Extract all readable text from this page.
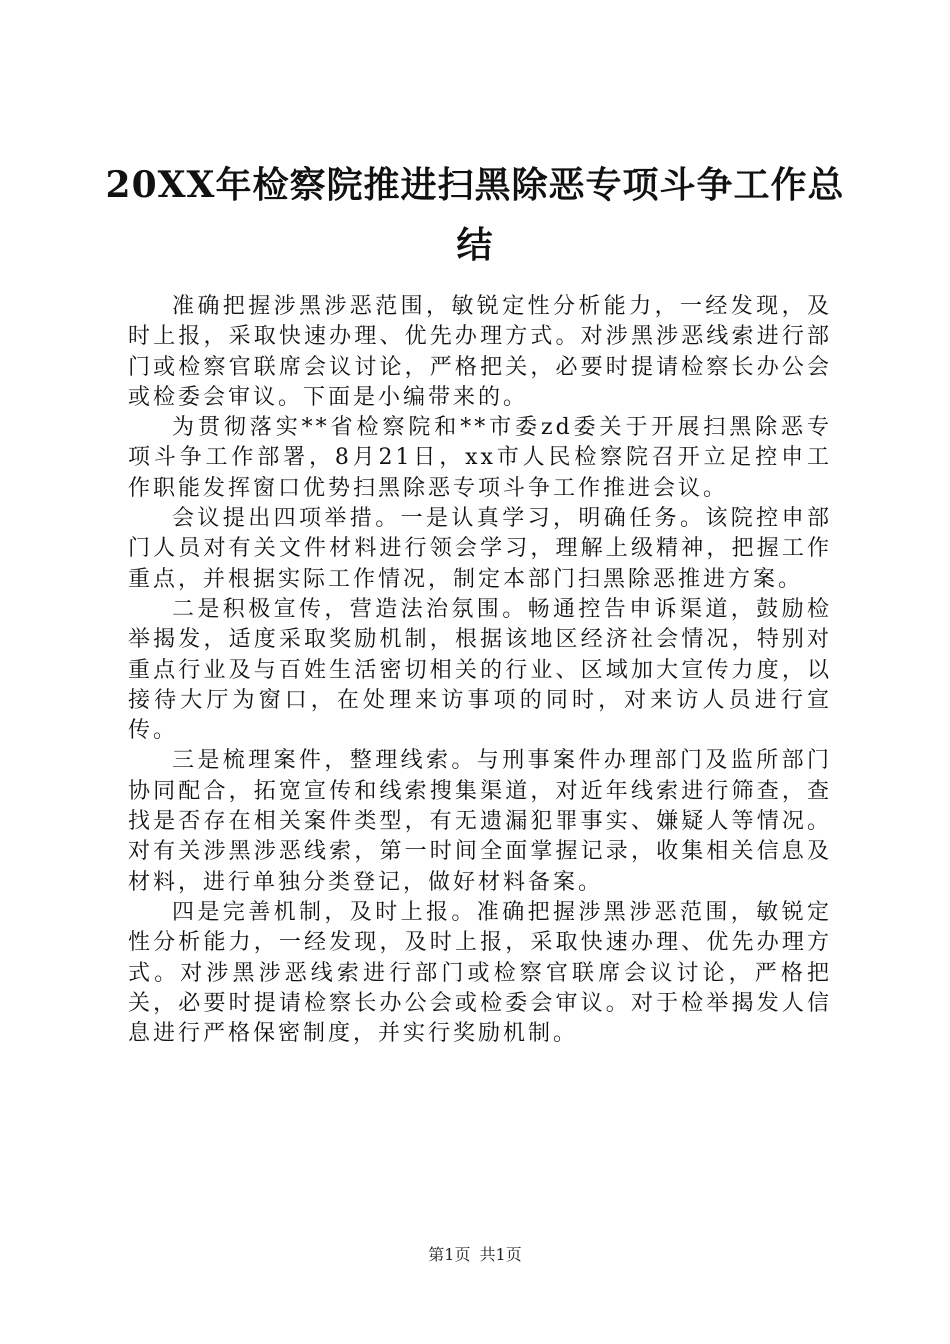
20XX年检察院推进扫黑除恶专项斗争工作总
结

准确把握涉黑涉恶范围，敏锐定性分析能力，一经发现，及时上报，采取快速办理、优先办理方式。对涉黑涉恶线索进行部门或检察官联席会议讨论，严格把关，必要时提请检察长办公会或检委会审议。下面是小编带来的。

为贯彻落实**省检察院和**市委zd委关于开展扫黑除恶专项斗争工作部署，8月21日，xx市人民检察院召开立足控申工作职能发挥窗口优势扫黑除恶专项斗争工作推进会议。

会议提出四项举措。一是认真学习，明确任务。该院控申部门人员对有关文件材料进行领会学习，理解上级精神，把握工作重点，并根据实际工作情况，制定本部门扫黑除恶推进方案。

二是积极宣传，营造法治氛围。畅通控告申诉渠道，鼓励检举揭发，适度采取奖励机制，根据该地区经济社会情况，特别对重点行业及与百姓生活密切相关的行业、区域加大宣传力度，以接待大厅为窗口，在处理来访事项的同时，对来访人员进行宣传。

三是梳理案件，整理线索。与刑事案件办理部门及监所部门协同配合，拓宽宣传和线索搜集渠道，对近年线索进行筛查，查找是否存在相关案件类型，有无遗漏犯罪事实、嫌疑人等情况。对有关涉黑涉恶线索，第一时间全面掌握记录，收集相关信息及材料，进行单独分类登记，做好材料备案。

四是完善机制，及时上报。准确把握涉黑涉恶范围，敏锐定性分析能力，一经发现，及时上报，采取快速办理、优先办理方式。对涉黑涉恶线索进行部门或检察官联席会议讨论，严格把关，必要时提请检察长办公会或检委会审议。对于检举揭发人信息进行严格保密制度，并实行奖励机制。

第1页 共1页
